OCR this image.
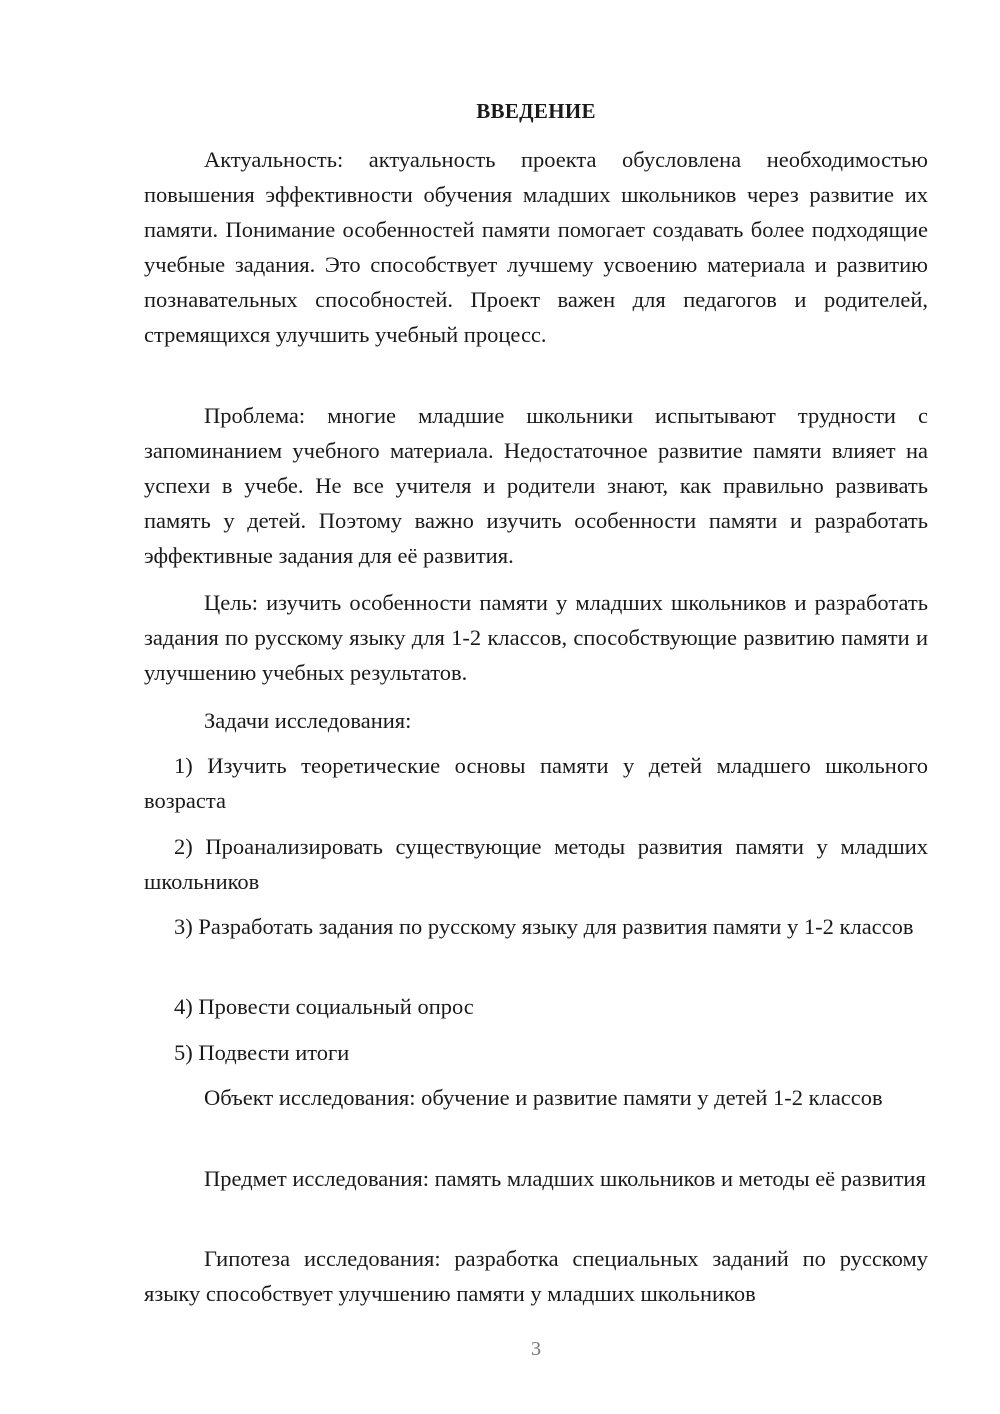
ВВЕДЕНИЕ

Актуальность: актуальность проекта обусловлена необходимостью повышения эффективности обучения младших школьников через развитие их памяти. Понимание особенностей памяти помогает создавать более подходящие учебные задания. Это способствует лучшему усвоению материала и развитию познавательных способностей. Проект важен для педагогов и родителей, стремящихся улучшить учебный процесс.

Проблема: многие младшие школьники испытывают трудности с запоминанием учебного материала. Недостаточное развитие памяти влияет на успехи в учебе. Не все учителя и родители знают, как правильно развивать память у детей. Поэтому важно изучить особенности памяти и разработать эффективные задания для её развития.

Цель: изучить особенности памяти у младших школьников и разработать задания по русскому языку для 1-2 классов, способствующие развитию памяти и улучшению учебных результатов.

Задачи исследования:

1) Изучить теоретические основы памяти у детей младшего школьного возраста

2) Проанализировать существующие методы развития памяти у младших школьников

3) Разработать задания по русскому языку для развития памяти у 1-2 классов

4) Провести социальный опрос

5) Подвести итоги

Объект исследования: обучение и развитие памяти у детей 1-2 классов

Предмет исследования: память младших школьников и методы её развития

Гипотеза исследования: разработка специальных заданий по русскому языку способствует улучшению памяти у младших школьников

3
